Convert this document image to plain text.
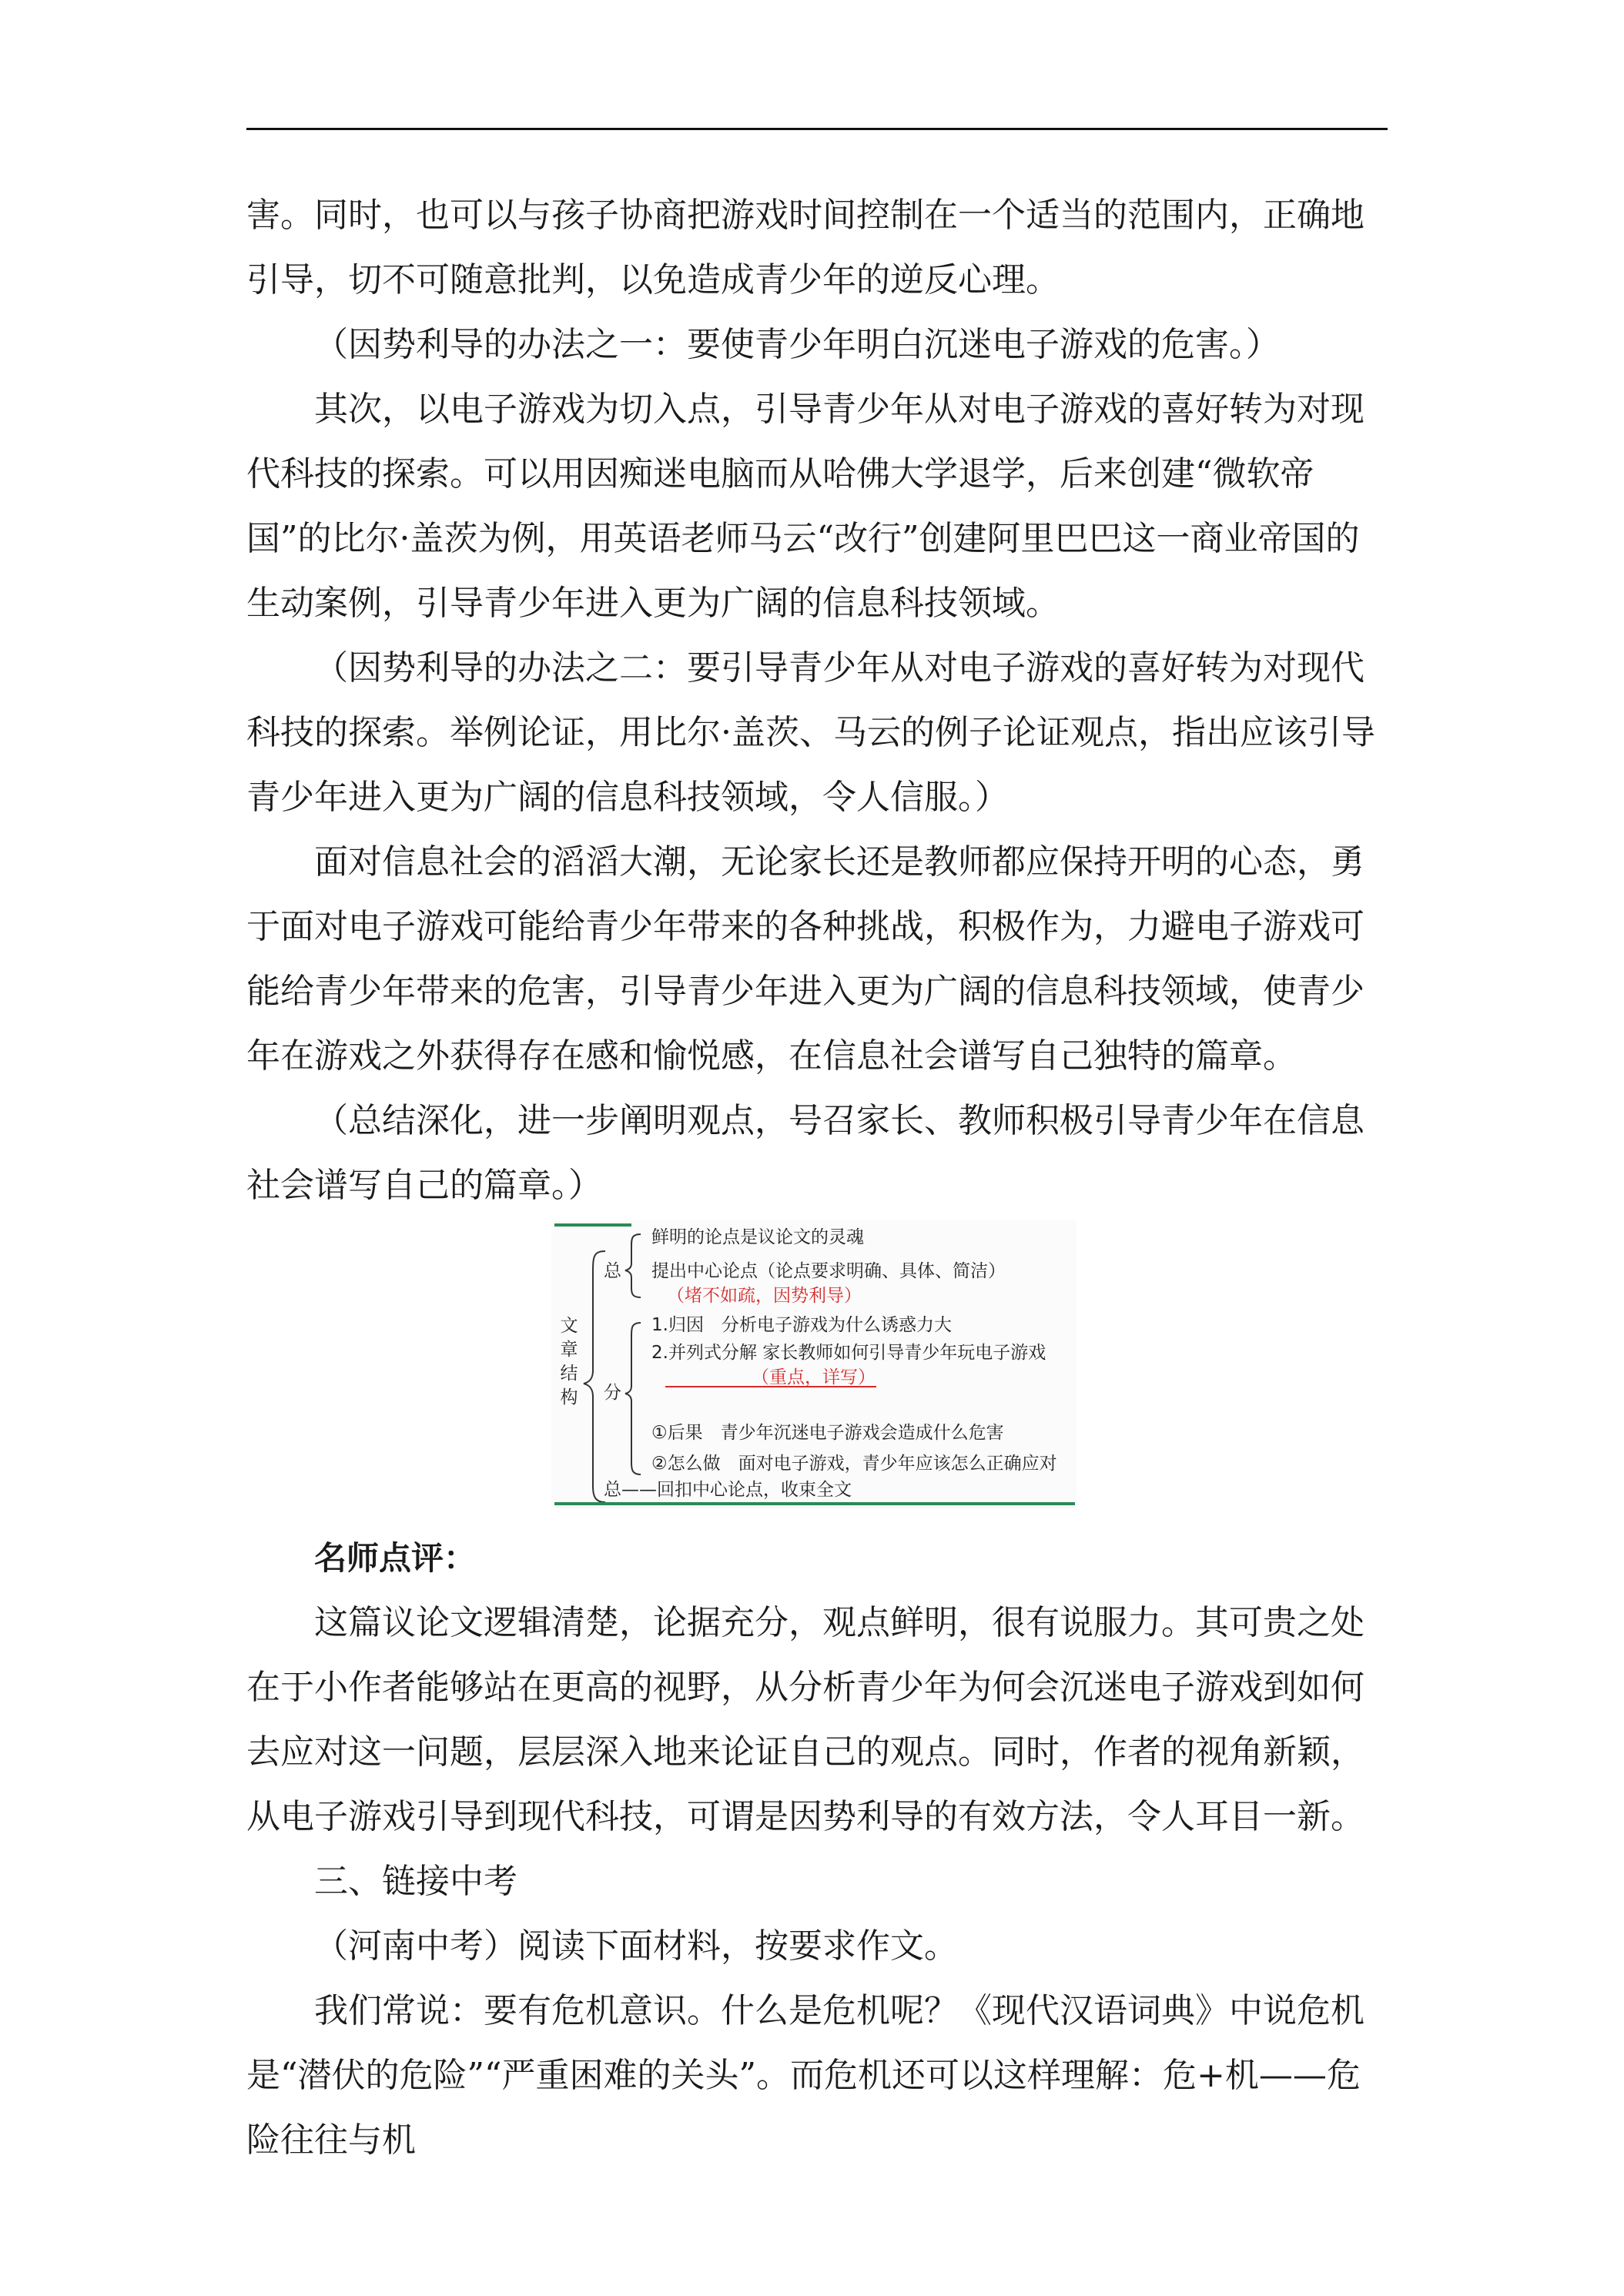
害。同时，也可以与孩子协商把游戏时间控制在一个适当的范围内，正确地引导，切不可随意批判，以免造成青少年的逆反心理。

（因势利导的办法之一：要使青少年明白沉迷电子游戏的危害。）

其次，以电子游戏为切入点，引导青少年从对电子游戏的喜好转为对现代科技的探索。可以用因痴迷电脑而从哈佛大学退学，后来创建“微软帝国”的比尔·盖茨为例，用英语老师马云“改行”创建阿里巴巴这一商业帝国的生动案例，引导青少年进入更为广阔的信息科技领域。

（因势利导的办法之二：要引导青少年从对电子游戏的喜好转为对现代科技的探索。举例论证，用比尔·盖茨、马云的例子论证观点，指出应该引导青少年进入更为广阔的信息科技领域，令人信服。）

面对信息社会的滔滔大潮，无论家长还是教师都应保持开明的心态，勇于面对电子游戏可能给青少年带来的各种挑战，积极作为，力避电子游戏可能给青少年带来的危害，引导青少年进入更为广阔的信息科技领域，使青少年在游戏之外获得存在感和愉悦感，在信息社会谱写自己独特的篇章。

（总结深化，进一步阐明观点，号召家长、教师积极引导青少年在信息社会谱写自己的篇章。）

文章结构
总
鲜明的论点是议论文的灵魂
提出中心论点（论点要求明确、具体、简洁）
（堵不如疏，因势利导）
分
1.归因　分析电子游戏为什么诱惑力大
2.并列式分解 家长教师如何引导青少年玩电子游戏
（重点，详写）
①后果　青少年沉迷电子游戏会造成什么危害
②怎么做　面对电子游戏，青少年应该怎么正确应对
总——回扣中心论点，收束全文

名师点评：

这篇议论文逻辑清楚，论据充分，观点鲜明，很有说服力。其可贵之处在于小作者能够站在更高的视野，从分析青少年为何会沉迷电子游戏到如何去应对这一问题，层层深入地来论证自己的观点。同时，作者的视角新颖，从电子游戏引导到现代科技，可谓是因势利导的有效方法，令人耳目一新。

三、链接中考

（河南中考）阅读下面材料，按要求作文。

我们常说：要有危机意识。什么是危机呢？《现代汉语词典》中说危机是“潜伏的危险”“严重困难的关头”。而危机还可以这样理解：危+机——危险往往与机
